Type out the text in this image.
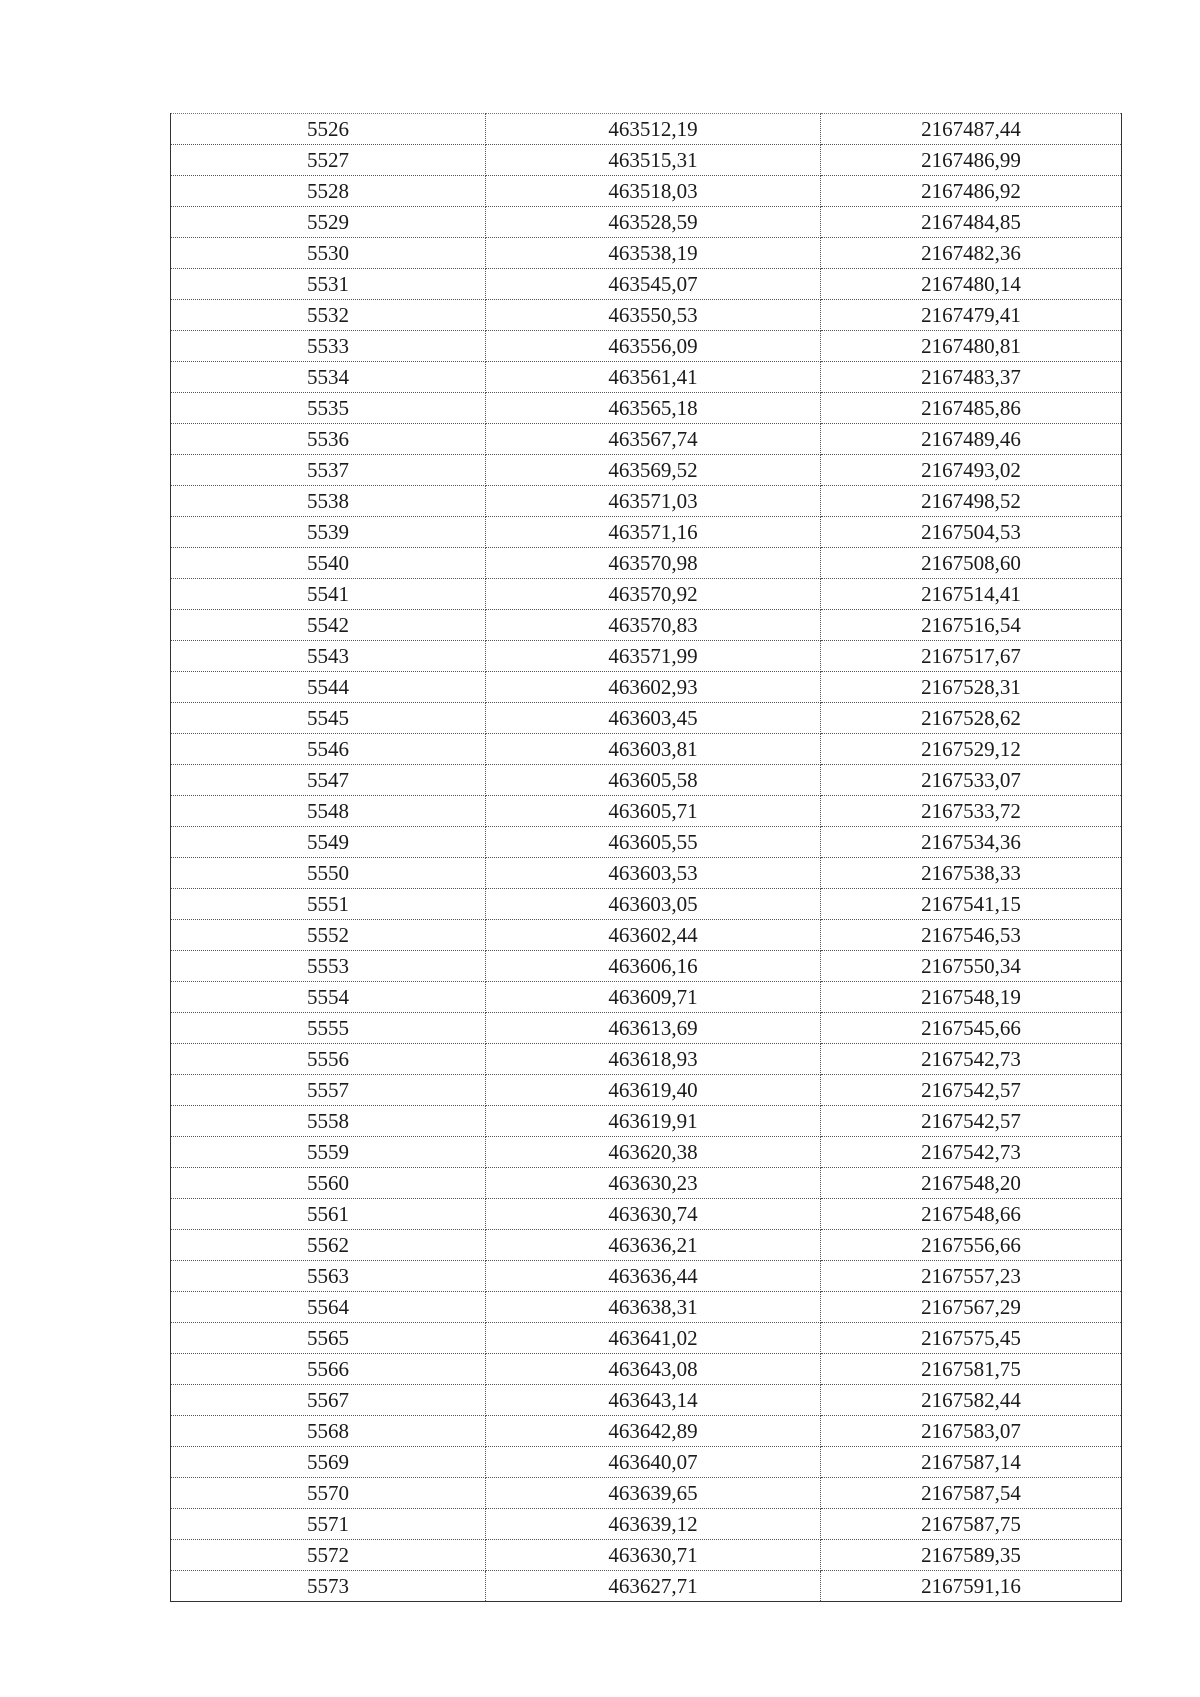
5526	463512,19	2167487,44
5527	463515,31	2167486,99
5528	463518,03	2167486,92
5529	463528,59	2167484,85
5530	463538,19	2167482,36
5531	463545,07	2167480,14
5532	463550,53	2167479,41
5533	463556,09	2167480,81
5534	463561,41	2167483,37
5535	463565,18	2167485,86
5536	463567,74	2167489,46
5537	463569,52	2167493,02
5538	463571,03	2167498,52
5539	463571,16	2167504,53
5540	463570,98	2167508,60
5541	463570,92	2167514,41
5542	463570,83	2167516,54
5543	463571,99	2167517,67
5544	463602,93	2167528,31
5545	463603,45	2167528,62
5546	463603,81	2167529,12
5547	463605,58	2167533,07
5548	463605,71	2167533,72
5549	463605,55	2167534,36
5550	463603,53	2167538,33
5551	463603,05	2167541,15
5552	463602,44	2167546,53
5553	463606,16	2167550,34
5554	463609,71	2167548,19
5555	463613,69	2167545,66
5556	463618,93	2167542,73
5557	463619,40	2167542,57
5558	463619,91	2167542,57
5559	463620,38	2167542,73
5560	463630,23	2167548,20
5561	463630,74	2167548,66
5562	463636,21	2167556,66
5563	463636,44	2167557,23
5564	463638,31	2167567,29
5565	463641,02	2167575,45
5566	463643,08	2167581,75
5567	463643,14	2167582,44
5568	463642,89	2167583,07
5569	463640,07	2167587,14
5570	463639,65	2167587,54
5571	463639,12	2167587,75
5572	463630,71	2167589,35
5573	463627,71	2167591,16
